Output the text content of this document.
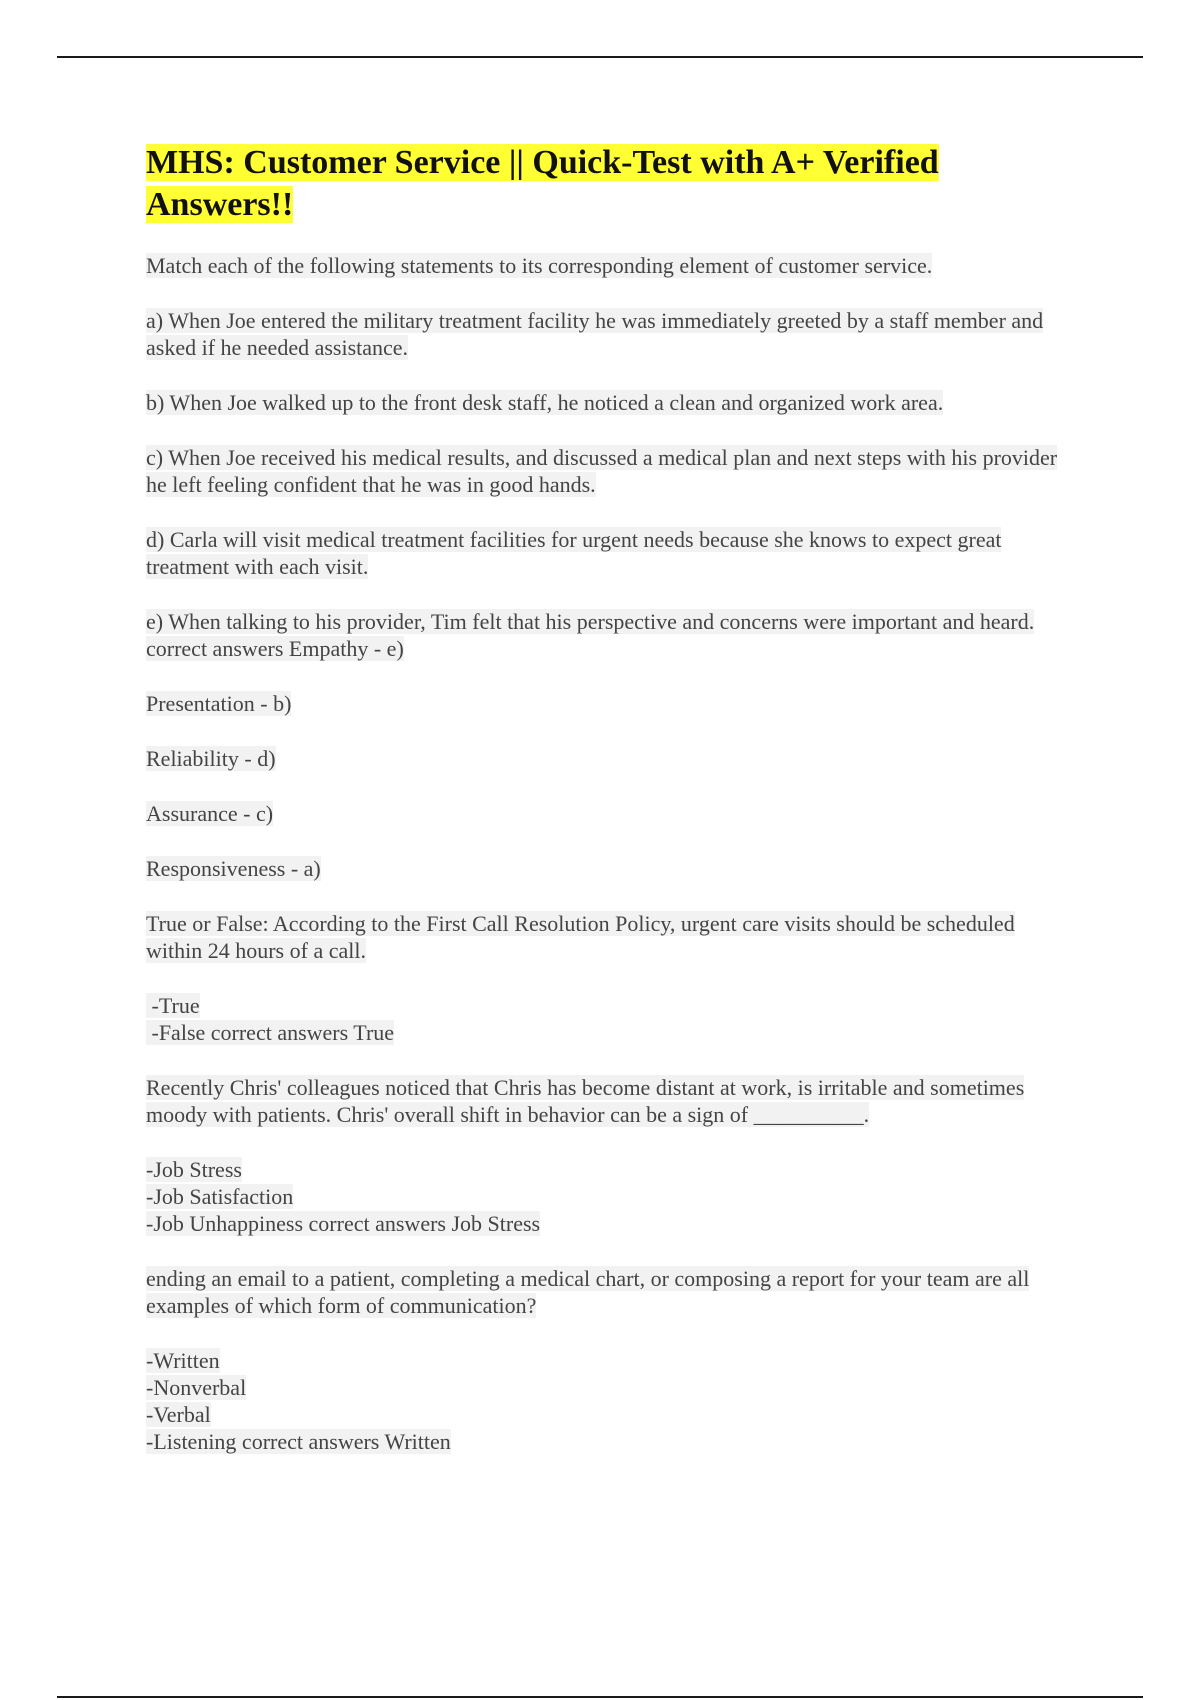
MHS: Customer Service || Quick-Test with A+ Verified Answers!!

Match each of the following statements to its corresponding element of customer service.

a) When Joe entered the military treatment facility he was immediately greeted by a staff member and asked if he needed assistance.

b) When Joe walked up to the front desk staff, he noticed a clean and organized work area.

c) When Joe received his medical results, and discussed a medical plan and next steps with his provider he left feeling confident that he was in good hands.

d) Carla will visit medical treatment facilities for urgent needs because she knows to expect great treatment with each visit.

e) When talking to his provider, Tim felt that his perspective and concerns were important and heard. correct answers Empathy - e)

Presentation - b)

Reliability - d)

Assurance - c)

Responsiveness - a)

True or False: According to the First Call Resolution Policy, urgent care visits should be scheduled within 24 hours of a call.

-True
-False correct answers True

Recently Chris' colleagues noticed that Chris has become distant at work, is irritable and sometimes moody with patients. Chris' overall shift in behavior can be a sign of __________.

-Job Stress
-Job Satisfaction
-Job Unhappiness correct answers Job Stress

ending an email to a patient, completing a medical chart, or composing a report for your team are all examples of which form of communication?

-Written
-Nonverbal
-Verbal
-Listening correct answers Written
